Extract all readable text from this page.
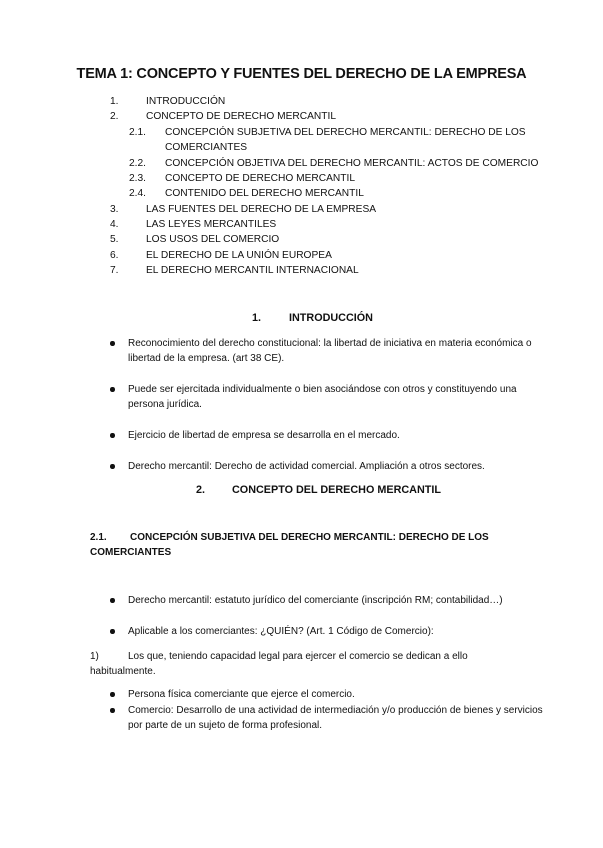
TEMA 1: CONCEPTO Y FUENTES DEL DERECHO DE LA EMPRESA
1.	INTRODUCCIÓN
2.	CONCEPTO DE DERECHO MERCANTIL
2.1. CONCEPCIÓN SUBJETIVA DEL DERECHO MERCANTIL: DERECHO DE LOS
COMERCIANTES
2.2. CONCEPCIÓN OBJETIVA DEL DERECHO MERCANTIL: ACTOS DE COMERCIO
2.3. CONCEPTO DE DERECHO MERCANTIL
2.4. CONTENIDO DEL DERECHO MERCANTIL
3.	LAS FUENTES DEL DERECHO DE LA EMPRESA
4.	LAS LEYES MERCANTILES
5.	LOS USOS DEL COMERCIO
6.	EL DERECHO DE LA UNIÓN EUROPEA
7.	EL DERECHO MERCANTIL INTERNACIONAL
1.	INTRODUCCIÓN
Reconocimiento del derecho constitucional: la libertad de iniciativa en materia económica o libertad de la empresa. (art 38 CE).
Puede ser ejercitada individualmente o bien asociándose con otros y constituyendo una persona jurídica.
Ejercicio de libertad de empresa se desarrolla en el mercado.
Derecho mercantil: Derecho de actividad comercial. Ampliación a otros sectores.
2. CONCEPTO DEL DERECHO MERCANTIL
2.1.	CONCEPCIÓN SUBJETIVA DEL DERECHO MERCANTIL: DERECHO DE LOS COMERCIANTES
Derecho mercantil: estatuto jurídico del comerciante (inscripción RM; contabilidad…)
Aplicable a los comerciantes: ¿QUIÉN? (Art. 1 Código de Comercio):
1)	Los que, teniendo capacidad legal para ejercer el comercio se dedican a ello habitualmente.
Persona física comerciante que ejerce el comercio.
Comercio: Desarrollo de una actividad de intermediación y/o producción de bienes y servicios por parte de un sujeto de forma profesional.
